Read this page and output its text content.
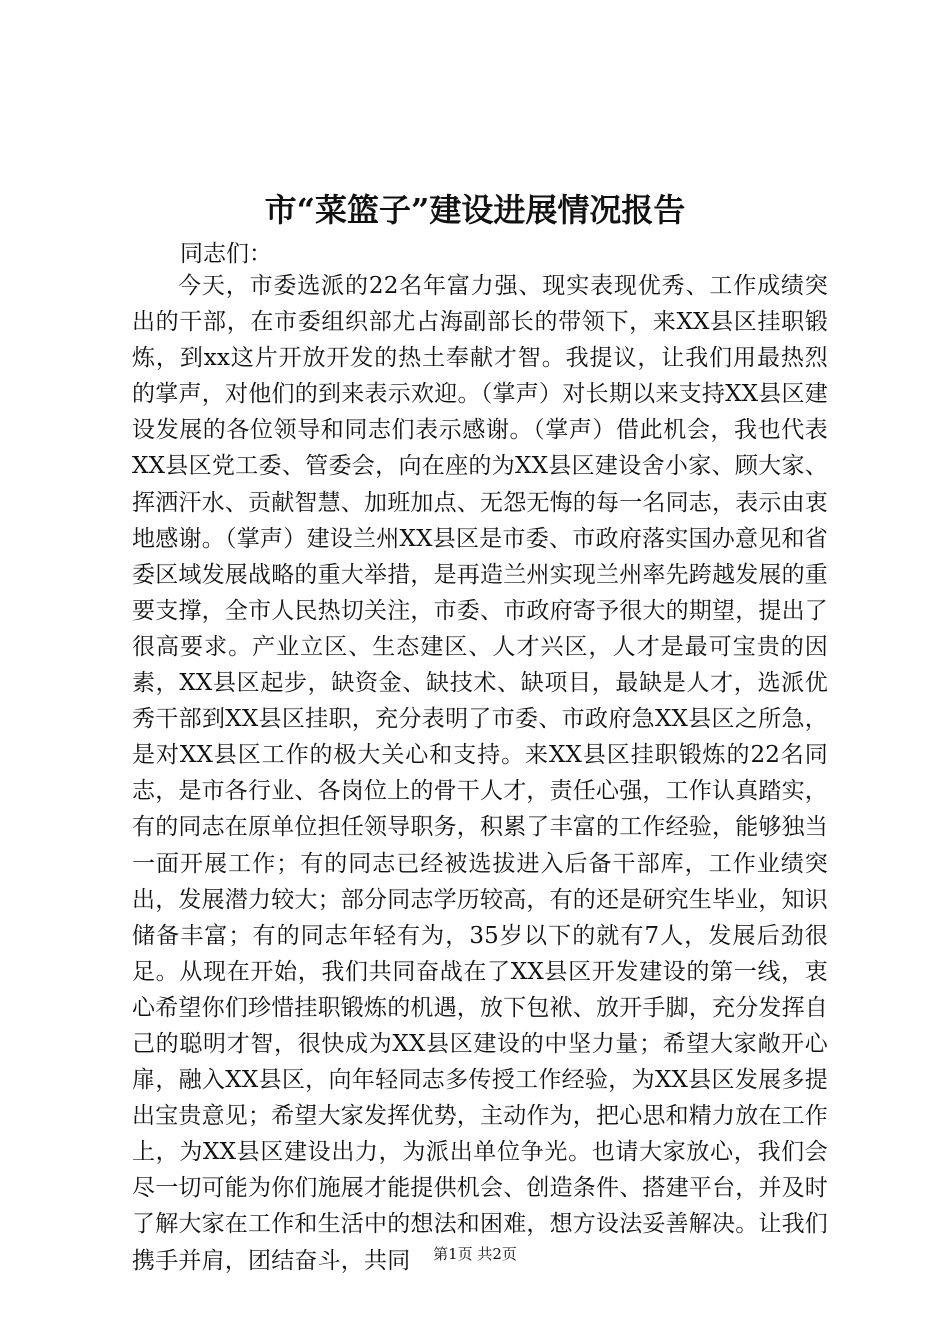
市“菜篮子”建设进展情况报告
同志们：
今天，市委选派的22名年富力强、现实表现优秀、工作成绩突出的干部，在市委组织部尤占海副部长的带领下，来XX县区挂职锻炼，到xx这片开放开发的热土奉献才智。我提议，让我们用最热烈的掌声，对他们的到来表示欢迎。（掌声）对长期以来支持XX县区建设发展的各位领导和同志们表示感谢。（掌声）借此机会，我也代表XX县区党工委、管委会，向在座的为XX县区建设舍小家、顾大家、挥洒汗水、贡献智慧、加班加点、无怨无悔的每一名同志，表示由衷地感谢。（掌声）建设兰州XX县区是市委、市政府落实国办意见和省委区域发展战略的重大举措，是再造兰州实现兰州率先跨越发展的重要支撑，全市人民热切关注，市委、市政府寄予很大的期望，提出了很高要求。产业立区、生态建区、人才兴区，人才是最可宝贵的因素，XX县区起步，缺资金、缺技术、缺项目，最缺是人才，选派优秀干部到XX县区挂职，充分表明了市委、市政府急XX县区之所急，是对XX县区工作的极大关心和支持。来XX县区挂职锻炼的22名同志，是市各行业、各岗位上的骨干人才，责任心强，工作认真踏实，有的同志在原单位担任领导职务，积累了丰富的工作经验，能够独当一面开展工作；有的同志已经被选拔进入后备干部库，工作业绩突出，发展潜力较大；部分同志学历较高，有的还是研究生毕业，知识储备丰富；有的同志年轻有为，35岁以下的就有7人，发展后劲很足。从现在开始，我们共同奋战在了XX县区开发建设的第一线，衷心希望你们珍惜挂职锻炼的机遇，放下包袱、放开手脚，充分发挥自己的聪明才智，很快成为XX县区建设的中坚力量；希望大家敞开心扉，融入XX县区，向年轻同志多传授工作经验，为XX县区发展多提出宝贵意见；希望大家发挥优势，主动作为，把心思和精力放在工作上，为XX县区建设出力，为派出单位争光。也请大家放心，我们会尽一切可能为你们施展才能提供机会、创造条件、搭建平台，并及时了解大家在工作和生活中的想法和困难，想方设法妥善解决。让我们携手并肩，团结奋斗，共同	第1页 共2页
